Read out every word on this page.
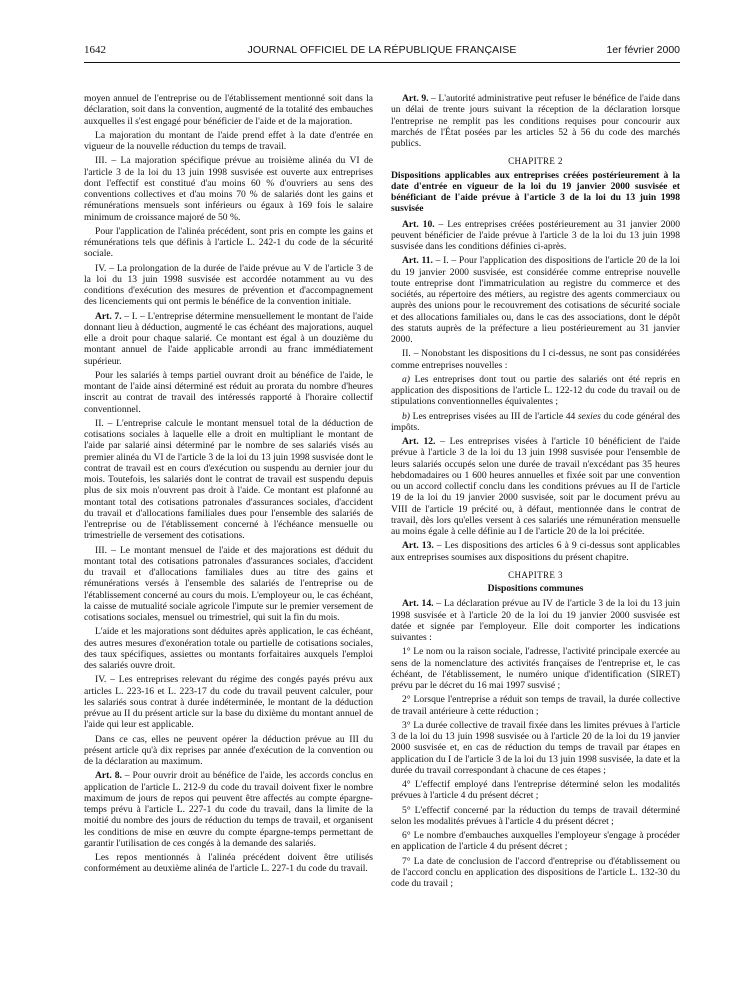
1642	JOURNAL OFFICIEL DE LA RÉPUBLIQUE FRANÇAISE	1er février 2000

moyen annuel de l'entreprise ou de l'établissement mentionné soit dans la déclaration, soit dans la convention, augmenté de la totalité des embauches auxquelles il s'est engagé pour bénéficier de l'aide et de la majoration.

La majoration du montant de l'aide prend effet à la date d'entrée en vigueur de la nouvelle réduction du temps de travail.

III. – La majoration spécifique prévue au troisième alinéa du VI de l'article 3 de la loi du 13 juin 1998 susvisée est ouverte aux entreprises dont l'effectif est constitué d'au moins 60 % d'ouvriers au sens des conventions collectives et d'au moins 70 % de salariés dont les gains et rémunérations mensuels sont inférieurs ou égaux à 169 fois le salaire minimum de croissance majoré de 50 %.

Pour l'application de l'alinéa précédent, sont pris en compte les gains et rémunérations tels que définis à l'article L. 242-1 du code de la sécurité sociale.

IV. – La prolongation de la durée de l'aide prévue au V de l'article 3 de la loi du 13 juin 1998 susvisée est accordée notamment au vu des conditions d'exécution des mesures de prévention et d'accompagnement des licenciements qui ont permis le bénéfice de la convention initiale.

Art. 7. – I. – L'entreprise détermine mensuellement le montant de l'aide donnant lieu à déduction, augmenté le cas échéant des majorations, auquel elle a droit pour chaque salarié. Ce montant est égal à un douzième du montant annuel de l'aide applicable arrondi au franc immédiatement supérieur.

Pour les salariés à temps partiel ouvrant droit au bénéfice de l'aide, le montant de l'aide ainsi déterminé est réduit au prorata du nombre d'heures inscrit au contrat de travail des intéressés rapporté à l'horaire collectif conventionnel.

II. – L'entreprise calcule le montant mensuel total de la déduction de cotisations sociales à laquelle elle a droit en multipliant le montant de l'aide par salarié ainsi déterminé par le nombre de ses salariés visés au premier alinéa du VI de l'article 3 de la loi du 13 juin 1998 susvisée dont le contrat de travail est en cours d'exécution ou suspendu au dernier jour du mois. Toutefois, les salariés dont le contrat de travail est suspendu depuis plus de six mois n'ouvrent pas droit à l'aide. Ce montant est plafonné au montant total des cotisations patronales d'assurances sociales, d'accident du travail et d'allocations familiales dues pour l'ensemble des salariés de l'entreprise ou de l'établissement concerné à l'échéance mensuelle ou trimestrielle de versement des cotisations.

III. – Le montant mensuel de l'aide et des majorations est déduit du montant total des cotisations patronales d'assurances sociales, d'accident du travail et d'allocations familiales dues au titre des gains et rémunérations versés à l'ensemble des salariés de l'entreprise ou de l'établissement concerné au cours du mois. L'employeur ou, le cas échéant, la caisse de mutualité sociale agricole l'impute sur le premier versement de cotisations sociales, mensuel ou trimestriel, qui suit la fin du mois.

L'aide et les majorations sont déduites après application, le cas échéant, des autres mesures d'exonération totale ou partielle de cotisations sociales, des taux spécifiques, assiettes ou montants forfaitaires auxquels l'emploi des salariés ouvre droit.

IV. – Les entreprises relevant du régime des congés payés prévu aux articles L. 223-16 et L. 223-17 du code du travail peuvent calculer, pour les salariés sous contrat à durée indéterminée, le montant de la déduction prévue au II du présent article sur la base du dixième du montant annuel de l'aide qui leur est applicable.

Dans ce cas, elles ne peuvent opérer la déduction prévue au III du présent article qu'à dix reprises par année d'exécution de la convention ou de la déclaration au maximum.

Art. 8. – Pour ouvrir droit au bénéfice de l'aide, les accords conclus en application de l'article L. 212-9 du code du travail doivent fixer le nombre maximum de jours de repos qui peuvent être affectés au compte épargne-temps prévu à l'article L. 227-1 du code du travail, dans la limite de la moitié du nombre des jours de réduction du temps de travail, et organisent les conditions de mise en œuvre du compte épargne-temps permettant de garantir l'utilisation de ces congés à la demande des salariés.

Les repos mentionnés à l'alinéa précédent doivent être utilisés conformément au deuxième alinéa de l'article L. 227-1 du code du travail.

Art. 9. – L'autorité administrative peut refuser le bénéfice de l'aide dans un délai de trente jours suivant la réception de la déclaration lorsque l'entreprise ne remplit pas les conditions requises pour concourir aux marchés de l'État posées par les articles 52 à 56 du code des marchés publics.

CHAPITRE 2

Dispositions applicables aux entreprises créées postérieurement à la date d'entrée en vigueur de la loi du 19 janvier 2000 susvisée et bénéficiant de l'aide prévue à l'article 3 de la loi du 13 juin 1998 susvisée

Art. 10. – Les entreprises créées postérieurement au 31 janvier 2000 peuvent bénéficier de l'aide prévue à l'article 3 de la loi du 13 juin 1998 susvisée dans les conditions définies ci-après.

Art. 11. – I. – Pour l'application des dispositions de l'article 20 de la loi du 19 janvier 2000 susvisée, est considérée comme entreprise nouvelle toute entreprise dont l'immatriculation au registre du commerce et des sociétés, au répertoire des métiers, au registre des agents commerciaux ou auprès des unions pour le recouvrement des cotisations de sécurité sociale et des allocations familiales ou, dans le cas des associations, dont le dépôt des statuts auprès de la préfecture a lieu postérieurement au 31 janvier 2000.

II. – Nonobstant les dispositions du I ci-dessus, ne sont pas considérées comme entreprises nouvelles :

a) Les entreprises dont tout ou partie des salariés ont été repris en application des dispositions de l'article L. 122-12 du code du travail ou de stipulations conventionnelles équivalentes ;

b) Les entreprises visées au III de l'article 44 sexies du code général des impôts.

Art. 12. – Les entreprises visées à l'article 10 bénéficient de l'aide prévue à l'article 3 de la loi du 13 juin 1998 susvisée pour l'ensemble de leurs salariés occupés selon une durée de travail n'excédant pas 35 heures hebdomadaires ou 1 600 heures annuelles et fixée soit par une convention ou un accord collectif conclu dans les conditions prévues au II de l'article 19 de la loi du 19 janvier 2000 susvisée, soit par le document prévu au VIII de l'article 19 précité ou, à défaut, mentionnée dans le contrat de travail, dès lors qu'elles versent à ces salariés une rémunération mensuelle au moins égale à celle définie au I de l'article 20 de la loi précitée.

Art. 13. – Les dispositions des articles 6 à 9 ci-dessus sont applicables aux entreprises soumises aux dispositions du présent chapitre.

CHAPITRE 3

Dispositions communes

Art. 14. – La déclaration prévue au IV de l'article 3 de la loi du 13 juin 1998 susvisée et à l'article 20 de la loi du 19 janvier 2000 susvisée est datée et signée par l'employeur. Elle doit comporter les indications suivantes :

1° Le nom ou la raison sociale, l'adresse, l'activité principale exercée au sens de la nomenclature des activités françaises de l'entreprise et, le cas échéant, de l'établissement, le numéro unique d'identification (SIRET) prévu par le décret du 16 mai 1997 susvisé ;

2° Lorsque l'entreprise a réduit son temps de travail, la durée collective de travail antérieure à cette réduction ;

3° La durée collective de travail fixée dans les limites prévues à l'article 3 de la loi du 13 juin 1998 susvisée ou à l'article 20 de la loi du 19 janvier 2000 susvisée et, en cas de réduction du temps de travail par étapes en application du I de l'article 3 de la loi du 13 juin 1998 susvisée, la date et la durée du travail correspondant à chacune de ces étapes ;

4° L'effectif employé dans l'entreprise déterminé selon les modalités prévues à l'article 4 du présent décret ;

5° L'effectif concerné par la réduction du temps de travail déterminé selon les modalités prévues à l'article 4 du présent décret ;

6° Le nombre d'embauches auxquelles l'employeur s'engage à procéder en application de l'article 4 du présent décret ;

7° La date de conclusion de l'accord d'entreprise ou d'établissement ou de l'accord conclu en application des dispositions de l'article L. 132-30 du code du travail ;
